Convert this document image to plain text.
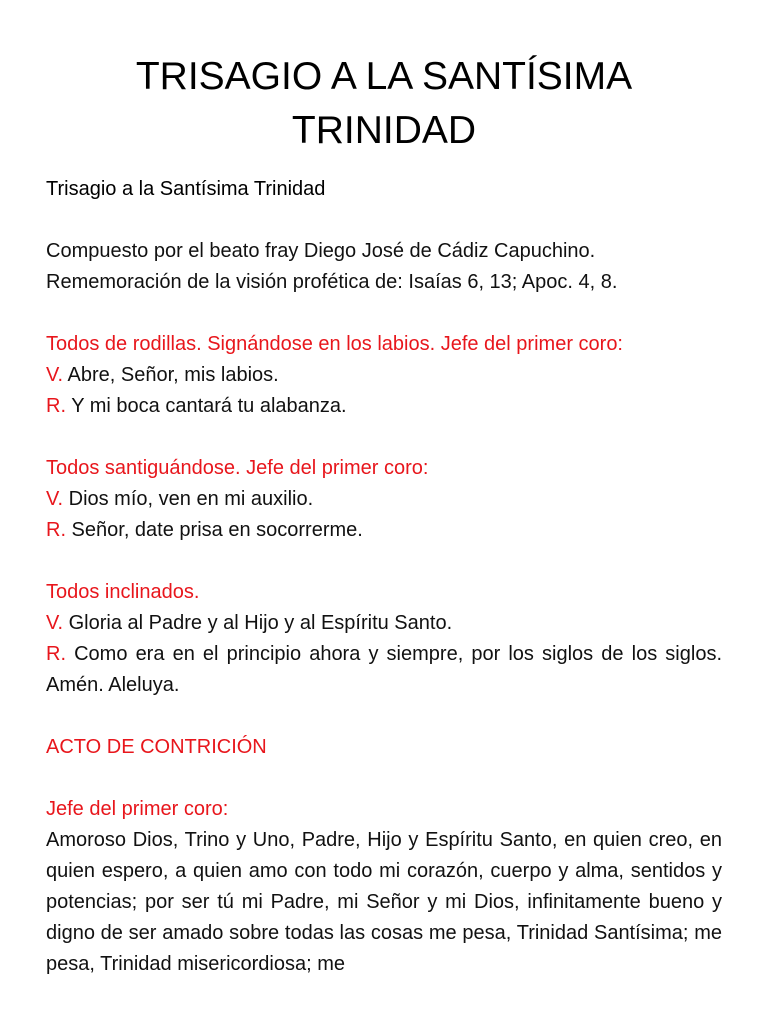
TRISAGIO A LA SANTÍSIMA
TRINIDAD
Trisagio a la Santísima Trinidad

Compuesto por el beato fray Diego José de Cádiz Capuchino.
Rememoración de la visión profética de: Isaías 6, 13; Apoc. 4, 8.

Todos de rodillas. Signándose en los labios. Jefe del primer coro:
V. Abre, Señor, mis labios.
R. Y mi boca cantará tu alabanza.
Todos santiguándose. Jefe del primer coro:
V. Dios mío, ven en mi auxilio.
R. Señor, date prisa en socorrerme.
Todos inclinados.
V. Gloria al Padre y al Hijo y al Espíritu Santo.
R. Como era en el principio ahora y siempre, por los siglos de los siglos. Amén. Aleluya.
ACTO DE CONTRICIÓN
Jefe del primer coro:
Amoroso Dios, Trino y Uno, Padre, Hijo y Espíritu Santo, en quien creo, en quien espero, a quien amo con todo mi corazón, cuerpo y alma, sentidos y potencias; por ser tú mi Padre, mi Señor y mi Dios, infinitamente bueno y digno de ser amado sobre todas las cosas me pesa, Trinidad Santísima; me pesa, Trinidad misericordiosa; me
